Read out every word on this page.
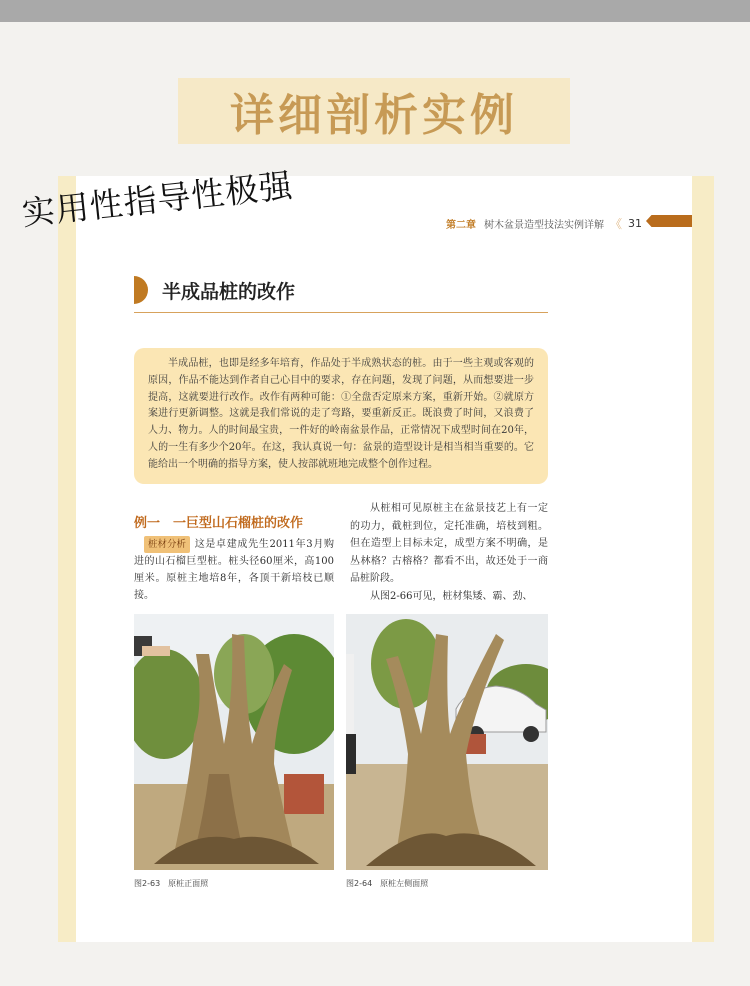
详细剖析实例
实用性指导性极强	第二章 树木盆景造型技法实例详解 《 31
半成品桩的改作

半成品桩，也即是经多年培育，作品处于半成熟状态的桩。由于一些主观或客观的原因，作品不能达到作者自己心目中的要求，存在问题，发现了问题，从而想要进一步提高，这就要进行改作。改作有两种可能：①全盘否定原来方案，重新开始。②就原方案进行更新调整。这就是我们常说的走了弯路，要重新反正。既浪费了时间，又浪费了人力、物力。人的时间最宝贵，一件好的岭南盆景作品，正常情况下成型时间在20年，人的一生有多少个20年。在这，我认真说一句：盆景的造型设计是相当相当重要的。它能给出一个明确的指导方案，使人按部就班地完成整个创作过程。

例一　一巨型山石榴桩的改作

桩材分析 这是卓建成先生2011年3月购进的山石榴巨型桩。桩头径60厘米，高100厘米。原桩主地培8年，各顶干新培枝已顺接。

从桩相可见原桩主在盆景技艺上有一定的功力，截桩到位，定托准确，培枝到粗。但在造型上目标未定，成型方案不明确，是丛林格？古榕格？都看不出，故还处于一商品桩阶段。

从图2-66可见，桩材集矮、霸、劲、

图2-63 原桩正面照	图2-64 原桩左侧面照
